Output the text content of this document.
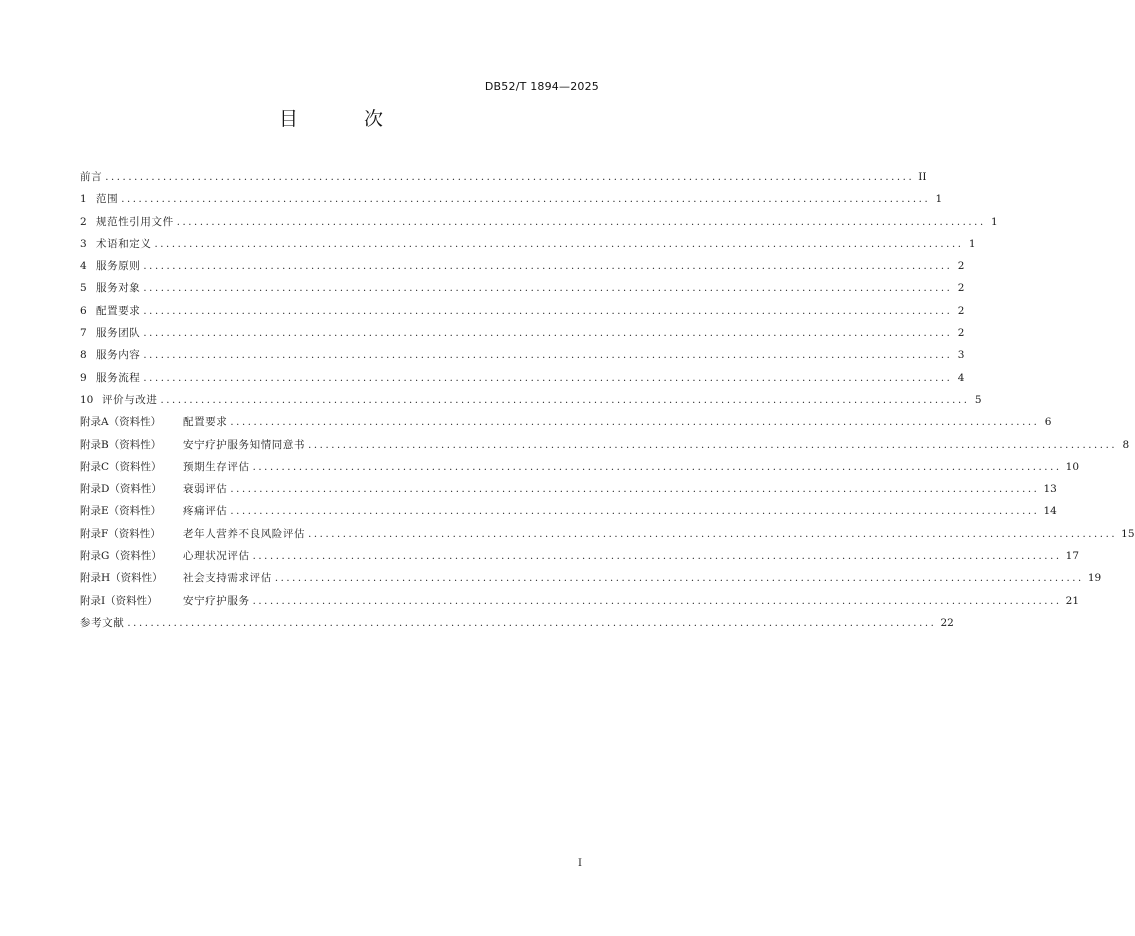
DB52/T 1894—2025
目 次
前言 ............................................................................................................................................ II
1 范围 ............................................................................................................................................ 1
2 规范性引用文件 ............................................................................................................................................ 1
3 术语和定义 ............................................................................................................................................ 1
4 服务原则 ............................................................................................................................................ 2
5 服务对象 ............................................................................................................................................ 2
6 配置要求 ............................................................................................................................................ 2
7 服务团队 ............................................................................................................................................ 2
8 服务内容 ............................................................................................................................................ 3
9 服务流程 ............................................................................................................................................ 4
10 评价与改进 ............................................................................................................................................ 5
附录A（资料性）	配置要求 ............................................................................................................................................ 6
附录B（资料性）	安宁疗护服务知情同意书 ............................................................................................................................................ 8
附录C（资料性）	预期生存评估 ............................................................................................................................................ 10
附录D（资料性）	衰弱评估 ............................................................................................................................................ 13
附录E（资料性）	疼痛评估 ............................................................................................................................................ 14
附录F（资料性）	老年人营养不良风险评估 ............................................................................................................................................ 15
附录G（资料性）	心理状况评估 ............................................................................................................................................ 17
附录H（资料性）	社会支持需求评估 ............................................................................................................................................ 19
附录I（资料性）	安宁疗护服务 ............................................................................................................................................ 21
参考文献 ............................................................................................................................................ 22
I
